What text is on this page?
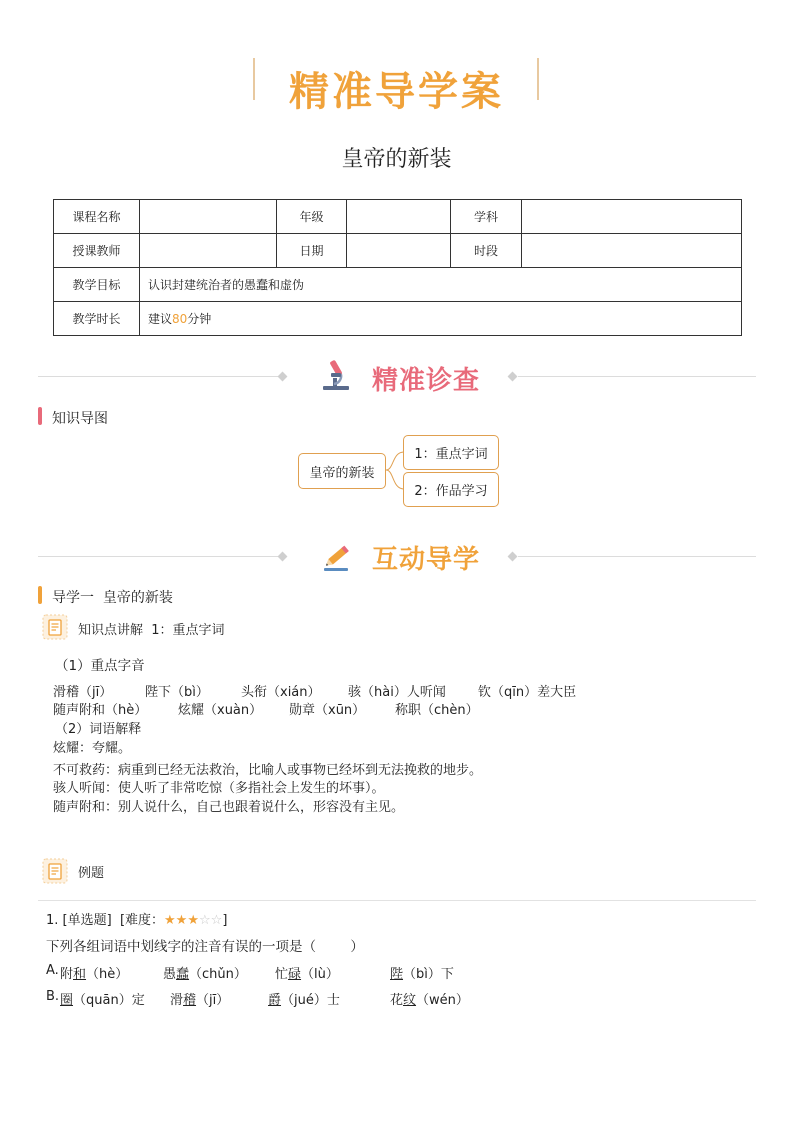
精准导学案
皇帝的新装
课程名称		年级		学科	
授课教师		日期		时段	
教学目标	认识封建统治者的愚蠢和虚伪				
教学时长	建议80分钟				
精准诊查
知识导图
皇帝的新装
1：重点字词
2：作品学习
互动导学
导学一  皇帝的新装
知识点讲解  1：重点字词
（1）重点字音
滑稽（jī）	陛下（bì） 头衔（xián） 骇（hài）人听闻 钦（qīn）差大臣
随声附和（hè） 炫耀（xuàn） 勋章（xūn） 称职（chèn）
（2）词语解释
炫耀：夸耀。
不可救药：病重到已经无法救治，比喻人或事物已经坏到无法挽救的地步。
骇人听闻：使人听了非常吃惊（多指社会上发生的坏事）。
随声附和：别人说什么，自己也跟着说什么，形容没有主见。
例题
1. [单选题]  [难度：★★★☆☆]
下列各组词语中划线字的注音有误的一项是（        ）
A. 附和（hè）	愚蠢（chǔn） 忙碌（lù）	陛（bì）下
B. 圈（quān）定 滑稽（jī）	爵（jué）士	花纹（wén）
